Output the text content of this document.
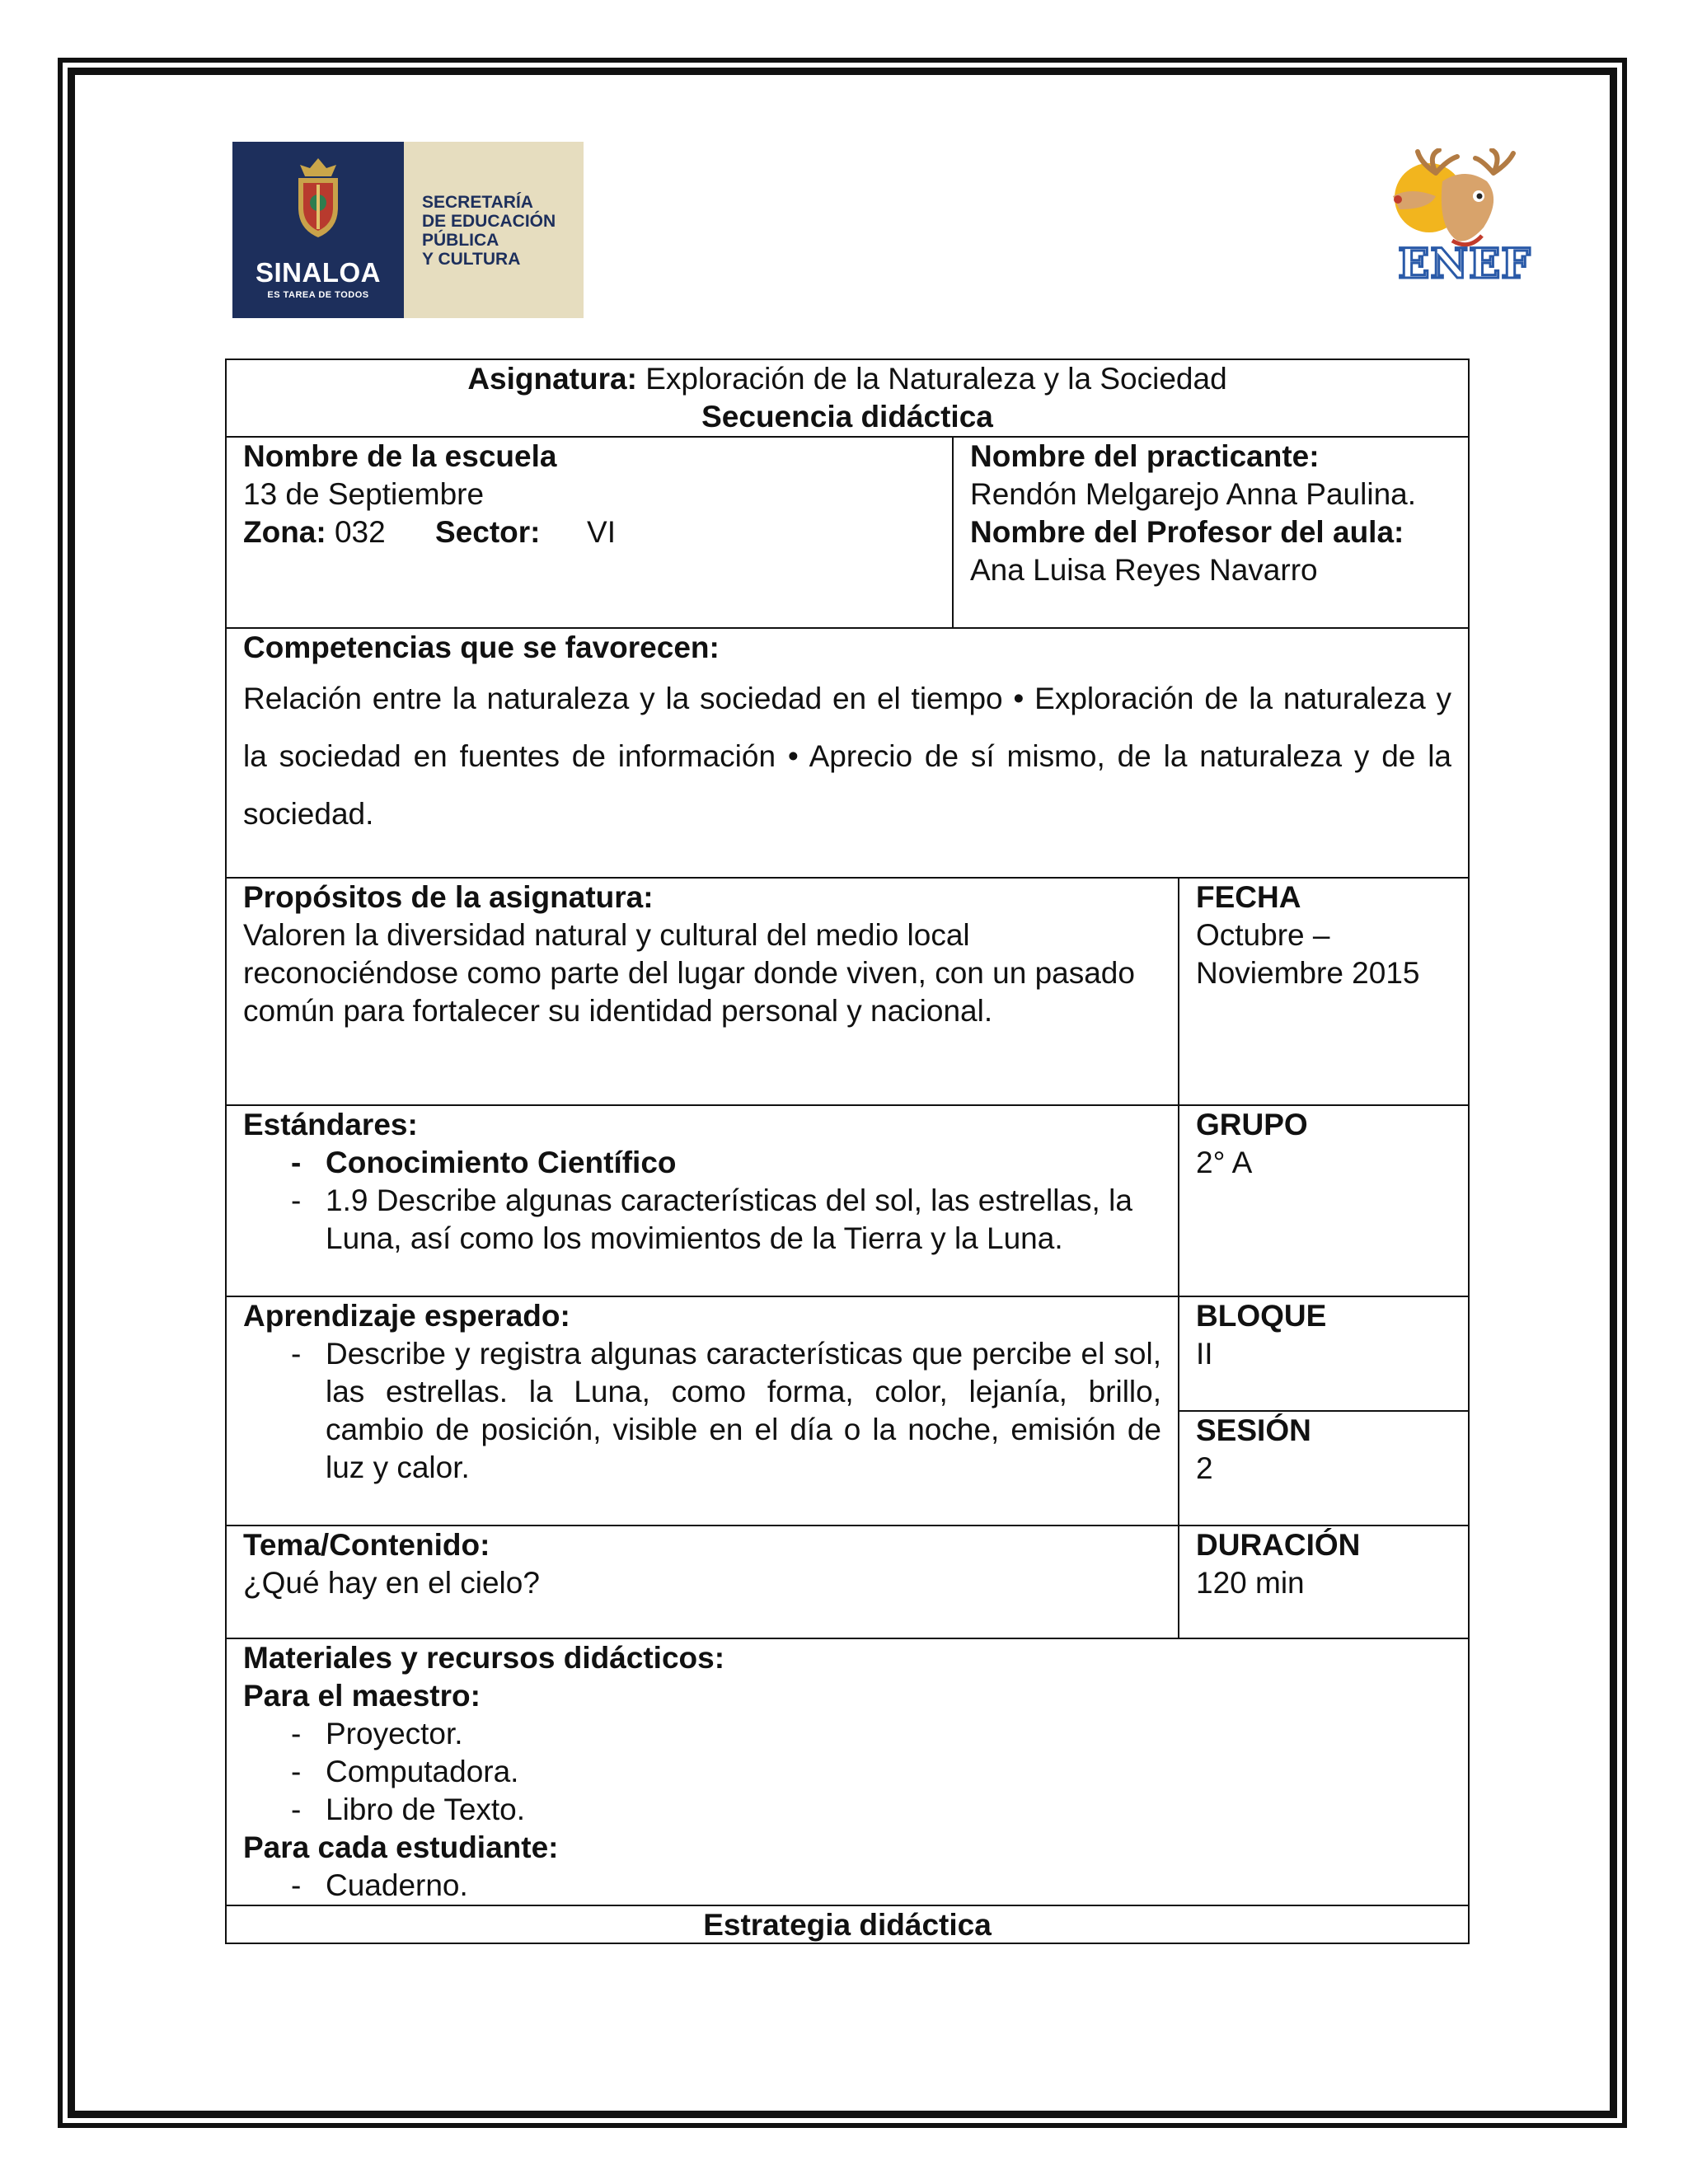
SINALOA
ES TAREA DE TODOS
SECRETARÍA
DE EDUCACIÓN
PÚBLICA
Y CULTURA	ENEF
Asignatura: Exploración de la Naturaleza y la Sociedad
Secuencia didáctica
Nombre de la escuela
13 de Septiembre
Zona: 032 Sector: VI
Nombre del practicante:
Rendón Melgarejo Anna Paulina.
Nombre del Profesor del aula:
Ana Luisa Reyes Navarro
Competencias que se favorecen:
Relación entre la naturaleza y la sociedad en el tiempo • Exploración de la naturaleza y la sociedad en fuentes de información • Aprecio de sí mismo, de la naturaleza y de la sociedad.
Propósitos de la asignatura:
Valoren la diversidad natural y cultural del medio local reconociéndose como parte del lugar donde viven, con un pasado común para fortalecer su identidad personal y nacional.
FECHA
Octubre – Noviembre 2015
Estándares:
- Conocimiento Científico
- 1.9 Describe algunas características del sol, las estrellas, la Luna, así como los movimientos de la Tierra y la Luna.
GRUPO
2° A
Aprendizaje esperado:
- Describe y registra algunas características que percibe el sol, las estrellas. la Luna, como forma, color, lejanía, brillo, cambio de posición, visible en el día o la noche, emisión de luz y calor.
BLOQUE
II
SESIÓN
2
Tema/Contenido:
¿Qué hay en el cielo?
DURACIÓN
120 min
Materiales y recursos didácticos:
Para el maestro:
- Proyector.
- Computadora.
- Libro de Texto.
Para cada estudiante:
- Cuaderno.
Estrategia didáctica
